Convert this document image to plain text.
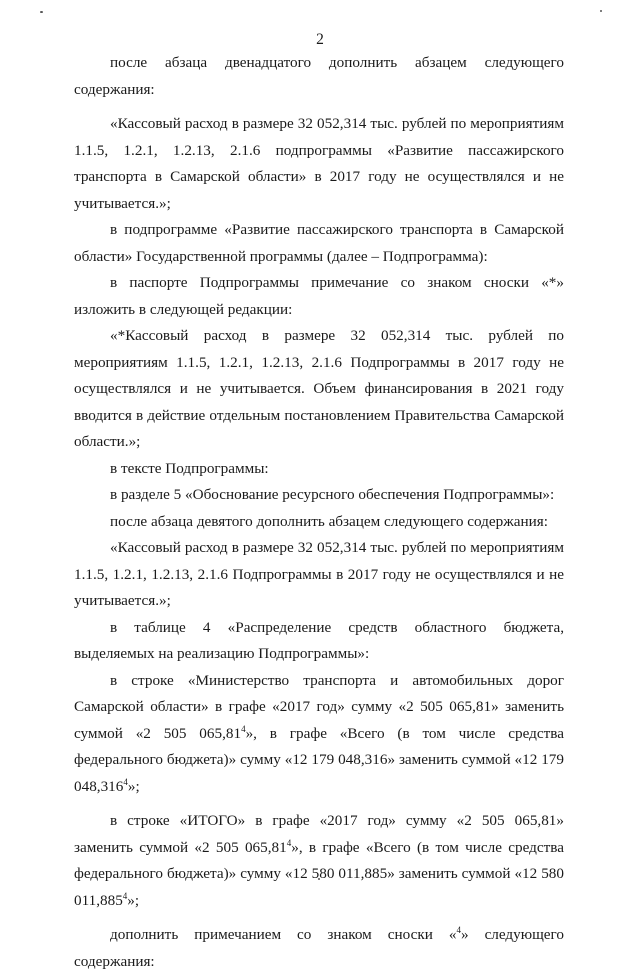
2

после абзаца двенадцатого дополнить абзацем следующего содержания:

«Кассовый расход в размере 32 052,314 тыс. рублей по мероприятиям 1.1.5, 1.2.1, 1.2.13, 2.1.6 подпрограммы «Развитие пассажирского транспорта в Самарской области» в 2017 году не осуществлялся и не учитывается.»;

в подпрограмме «Развитие пассажирского транспорта в Самарской области» Государственной программы (далее – Подпрограмма):

в паспорте Подпрограммы примечание со знаком сноски «*» изложить в следующей редакции:

«*Кассовый расход в размере 32 052,314 тыс. рублей по мероприятиям 1.1.5, 1.2.1, 1.2.13, 2.1.6 Подпрограммы в 2017 году не осуществлялся и не учитывается. Объем финансирования в 2021 году вводится в действие отдельным постановлением Правительства Самарской области.»;

в тексте Подпрограммы:

в разделе 5 «Обоснование ресурсного обеспечения Подпрограммы»:

после абзаца девятого дополнить абзацем следующего содержания:

«Кассовый расход в размере 32 052,314 тыс. рублей по мероприятиям 1.1.5, 1.2.1, 1.2.13, 2.1.6 Подпрограммы в 2017 году не осуществлялся и не учитывается.»;

в таблице 4 «Распределение средств областного бюджета, выделяемых на реализацию Подпрограммы»:

в строке «Министерство транспорта и автомобильных дорог Самарской области» в графе «2017 год» сумму «2 505 065,81» заменить суммой «2 505 065,81$^4$», в графе «Всего (в том числе средства федерального бюджета)» сумму «12 179 048,316» заменить суммой «12 179 048,316$^4$»;

в строке «ИТОГО» в графе «2017 год» сумму «2 505 065,81» заменить суммой «2 505 065,81$^4$», в графе «Всего (в том числе средства федерального бюджета)» сумму «12 580 011,885» заменить суммой «12 580 011,885$^4$»;

дополнить примечанием со знаком сноски «$^4$» следующего содержания:
